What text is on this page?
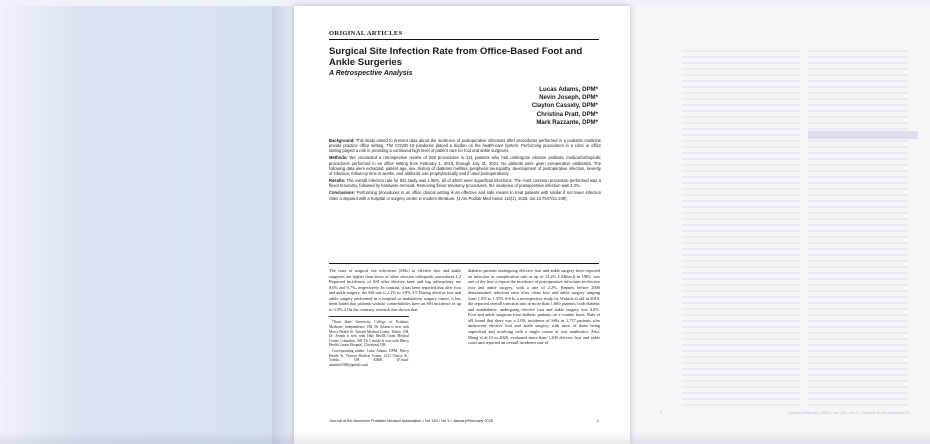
2	January/February 2025 • Vol 115 • No 1 • Journal of the American Po
ORIGINAL ARTICLES
Surgical Site Infection Rate from Office-Based Foot and Ankle Surgeries
A Retrospective Analysis
Lucas Adams, DPM*
Nevin Joseph, DPM*
Clayton Cassidy, DPM*
Christina Pratt, DPM*
Mark Razzante, DPM*

Background: This study aimed to present data about the incidence of postoperative infections after procedures performed in a podiatric medicine private practice office setting. The COVID-19 pandemic placed a burden on the health-care system. Performing procedures in a clinic or office setting played a role in providing a continued high level of patient care for foot and ankle surgeons.

Methods: We conducted a retrospective review of 205 procedures in 121 patients who had undergone elective podiatric medical/orthopedic procedures performed in an office setting from February 1, 2018, through July 31, 2021. No patients were given preoperative antibiotics. The following data were extracted: patient age, sex, history of diabetes mellitus, peripheral neuropathy, development of postoperative infection, severity of infection, follow-up time in weeks, and antibiotic use prophylactically and if used postoperatively.

Results: The overall infection rate for this study was 1.95%, all of which were superficial infections. The most common procedure performed was a flexor tenotomy, followed by hardware removal. Removing flexor tenotomy procedures, the incidence of postoperative infection was 3.3%.

Conclusions: Performing procedures in an office clinical setting is an effective and safe means to treat patients with similar if not lower infection rates compared with a hospital or surgery center in modern literature. (J Am Podiatr Med Assoc 115(1), 2025; doi:10.7547/21-238)

The rates of surgical site infections (SSIs) in elective foot and ankle surgeries are higher than those of other elective orthopedic procedures.1,2 Reported incidences of SSI after elective knee and hip arthroplasty are 0.6% and 0.7%, respectively. In contrast, it has been reported that after foot and ankle surgery, the SSI rate is 2.2% to 4.8%.3-5 During elective foot and ankle surgery performed in a hospital or ambulatory surgery center, it has been found that patients without comorbidities have an SSI incidence of up to 3.5%.4 On the contrary, research has shown that

*Kent State University College of Podiatric Medicine, Independence, OH. Dr. Adams is now with Mercy Health St. Vincent Medical Center, Toledo, OH. Dr. Joseph is now with Ohio Health Grant Medical Center, Columbus, OH. Dr. Cassidy is now with Mercy Health Lorain Hospital, Cleveland, OH.

Corresponding author: Luke Adams, DPM, Mercy Health St. Vincent Medical Center, 2213 Cherry St., Toledo, OH 43608. (E-mail: adamslu1000@gmail.com)

diabetic patients undergoing elective foot and ankle surgery have reported an infection or complication rate of up to 13.2%.4 Miller,6 in 1983, was one of the first to report the incidence of postoperative infections in elective foot and ankle surgery, with a rate of 2.2%. Reports before 2000 demonstrated infection rates after clean foot and ankle surgery ranging from 1.0% to 1.35%.6-8 In a retrospective study by Wukich et al4 in 2010, the reported overall infection rate in more than 1,000 patients, both diabetic and nondiabetic, undergoing elective foot and ankle surgery was 4.0%. Foot and ankle surgeons treat diabetic patients on a routine basis. Rafe et al9 found that there was a 2.0% incidence of SSIs in 1,737 patients who underwent elective foot and ankle surgery, with most of them being superficial and resolving with a single course of oral antibiotics. Also, Meng et al,10 in 2020, evaluated more than 1,200 elective foot and ankle cases and reported an overall incidence rate of

Journal of the American Podiatric Medical Association • Vol 115 • No 1 • January/February 2025	1
